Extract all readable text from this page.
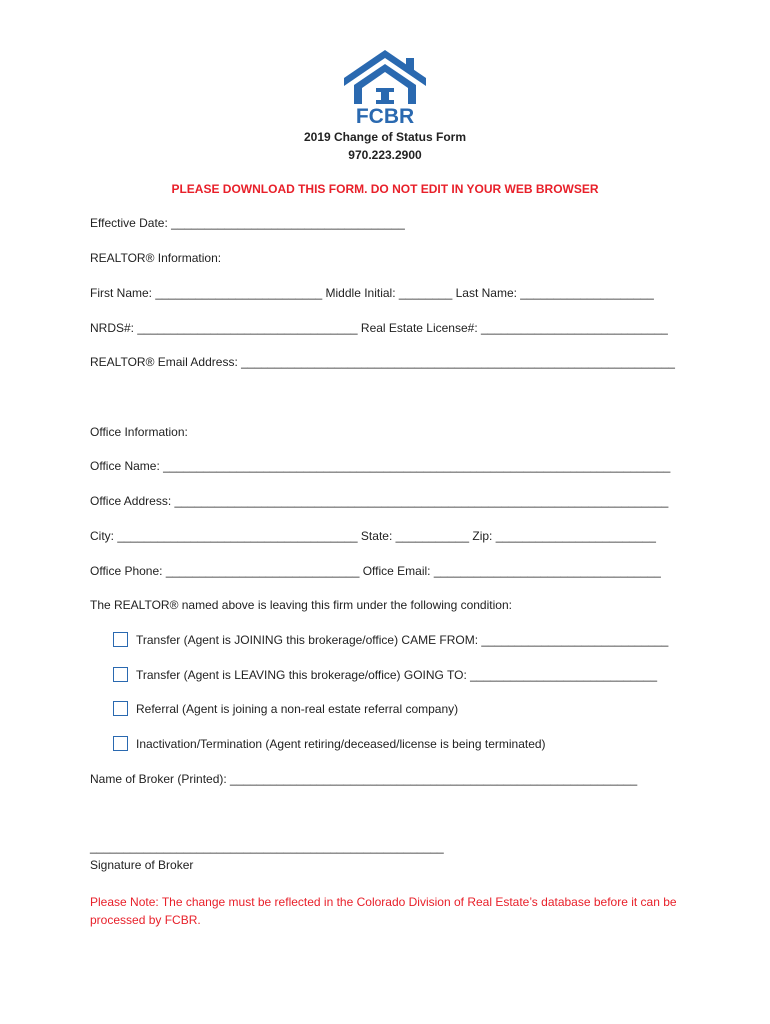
FCBR
2019 Change of Status Form
970.223.2900
PLEASE DOWNLOAD THIS FORM. DO NOT EDIT IN YOUR WEB BROWSER
Effective Date: ___________________________________
REALTOR® Information:
First Name: _________________________ Middle Initial: ________ Last Name: ____________________
NRDS#: _________________________________ Real Estate License#: ____________________________
REALTOR® Email Address: _________________________________________________________________
Office Information:
Office Name: ____________________________________________________________________________
Office Address: __________________________________________________________________________
City: ____________________________________ State: ___________ Zip: ________________________
Office Phone: _____________________________ Office Email: __________________________________
The REALTOR® named above is leaving this firm under the following condition:
Transfer (Agent is JOINING this brokerage/office) CAME FROM: ____________________________
Transfer (Agent is LEAVING this brokerage/office) GOING TO: ____________________________
Referral (Agent is joining a non-real estate referral company)
Inactivation/Termination (Agent retiring/deceased/license is being terminated)
Name of Broker (Printed): _____________________________________________________________
_____________________________________________________
Signature of Broker
Please Note: The change must be reflected in the Colorado Division of Real Estate’s database before it can be processed by FCBR.
